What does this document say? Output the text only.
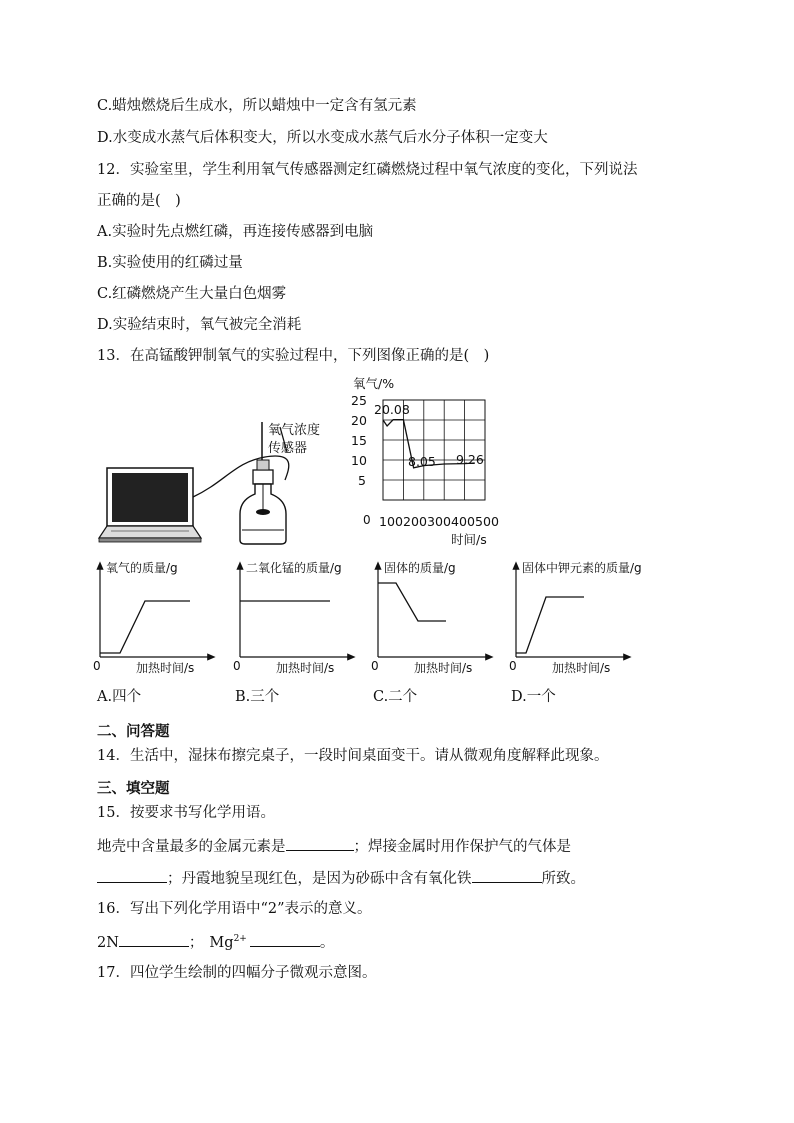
C.蜡烛燃烧后生成水，所以蜡烛中一定含有氢元素
D.水变成水蒸气后体积变大，所以水变成水蒸气后水分子体积一定变大
12．实验室里，学生利用氧气传感器测定红磷燃烧过程中氧气浓度的变化，下列说法
正确的是(　)
A.实验时先点燃红磷，再连接传感器到电脑
B.实验使用的红磷过量
C.红磷燃烧产生大量白色烟雾
D.实验结束时，氧气被完全消耗
13．在高锰酸钾制氧气的实验过程中，下列图像正确的是(　)
氧气浓度
传感器
氧气/%
25
20
15
10
5
0 100200300400500
时间/s
20.08
8.05 9.26
氧气的质量/g
0	加热时间/s
二氧化锰的质量/g
0	加热时间/s
固体的质量/g
0	加热时间/s
固体中钾元素的质量/g
0	加热时间/s
A.四个	B.三个	C.二个	D.一个
二、问答题
14．生活中，湿抹布擦完桌子，一段时间桌面变干。请从微观角度解释此现象。
三、填空题
15．按要求书写化学用语。
地壳中含量最多的金属元素是	；焊接金属时用作保护气的气体是
；丹霞地貌呈现红色，是因为砂砾中含有氧化铁	所致。
16．写出下列化学用语中“2”表示的意义。
2N	； $Mg^{2+}$	。
17．四位学生绘制的四幅分子微观示意图。
